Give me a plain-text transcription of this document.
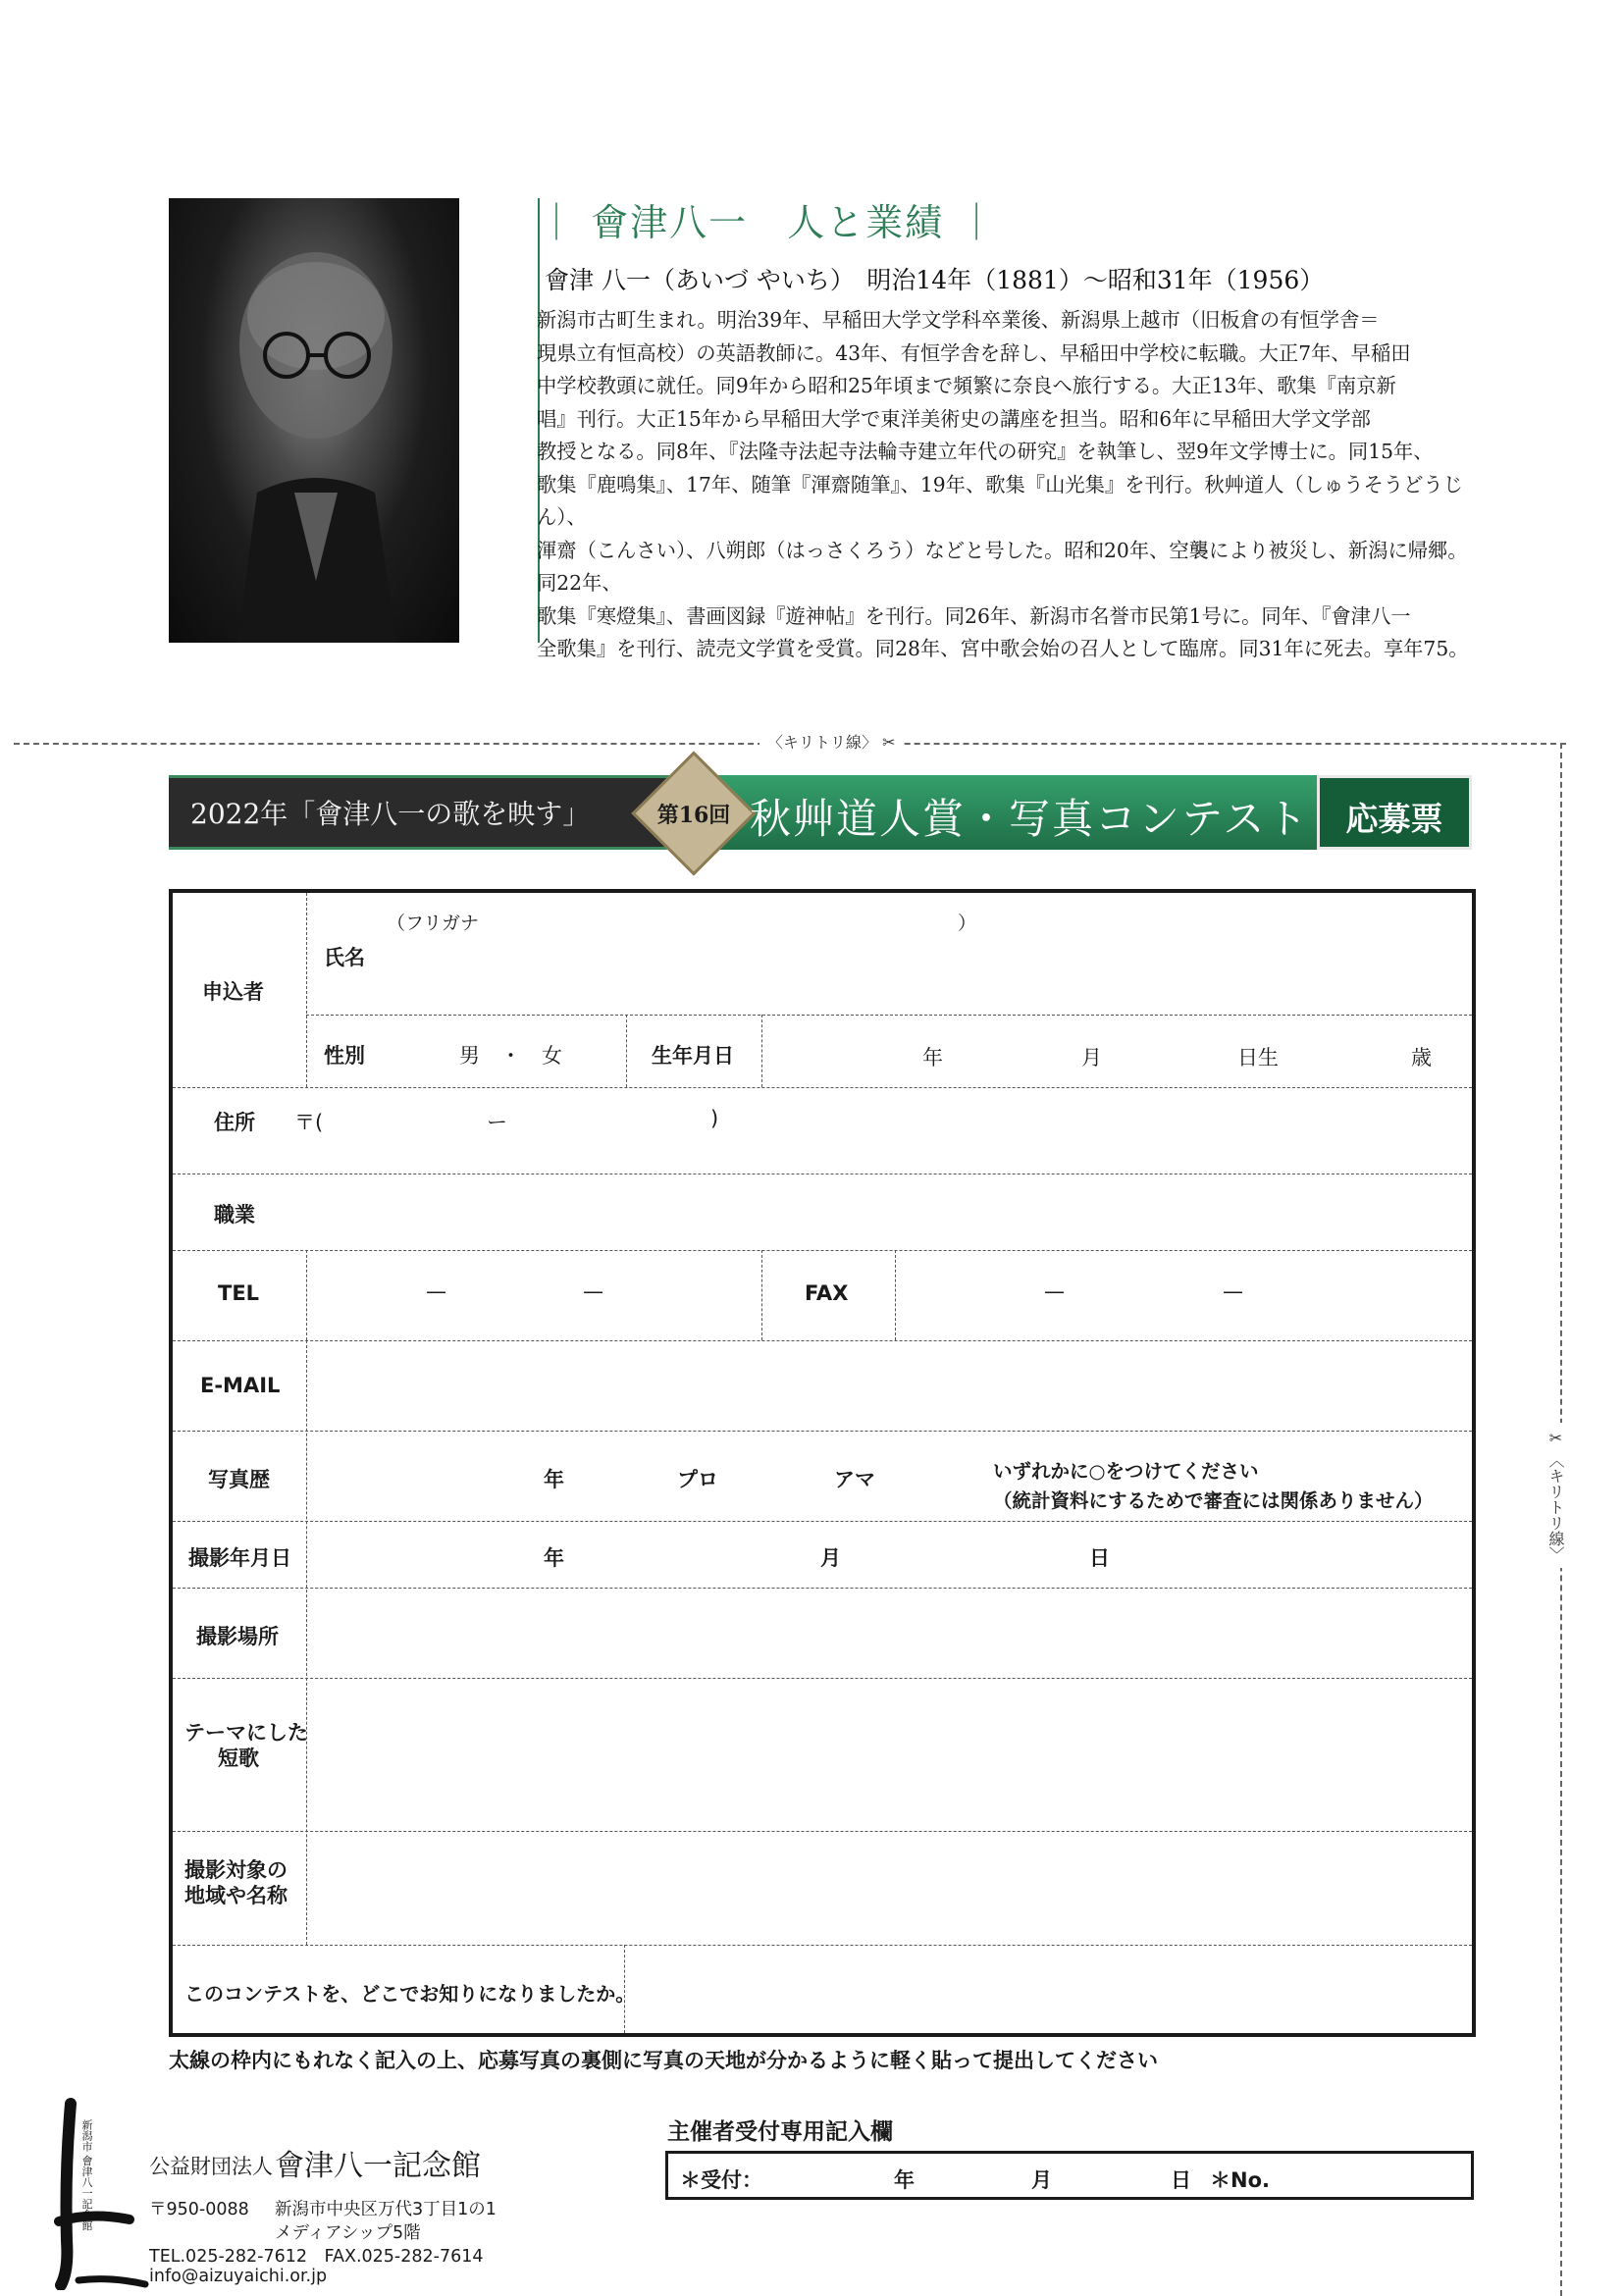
｜ 會津八一　人と業績 ｜
會津 八一（あいづ やいち）　明治14年（1881）～昭和31年（1956）
新潟市古町生まれ。明治39年、早稲田大学文学科卒業後、新潟県上越市（旧板倉の有恒学舎＝
現県立有恒高校）の英語教師に。43年、有恒学舎を辞し、早稲田中学校に転職。大正7年、早稲田
中学校教頭に就任。同9年から昭和25年頃まで頻繁に奈良へ旅行する。大正13年、歌集『南京新
唱』刊行。大正15年から早稲田大学で東洋美術史の講座を担当。昭和6年に早稲田大学文学部
教授となる。同8年、『法隆寺法起寺法輪寺建立年代の研究』を執筆し、翌9年文学博士に。同15年、
歌集『鹿鳴集』、17年、随筆『渾齋随筆』、19年、歌集『山光集』を刊行。秋艸道人（しゅうそうどうじん）、
渾齋（こんさい）、八朔郎（はっさくろう）などと号した。昭和20年、空襲により被災し、新潟に帰郷。同22年、
歌集『寒燈集』、書画図録『遊神帖』を刊行。同26年、新潟市名誉市民第1号に。同年、『會津八一
全歌集』を刊行、読売文学賞を受賞。同28年、宮中歌会始の召人として臨席。同31年に死去。享年75。
〈キリトリ線〉 ✂
✂ 〈キリトリ線〉
2022年「會津八一の歌を映す」	第16回 秋艸道人賞・写真コンテスト	応募票
申込者
氏名
（フリガナ	）
性別	男　・　女	生年月日	年	月	日生	歳
住所 〒(	ー	)
職業
TEL	—	—	FAX	—	—
E-MAIL
写真歴	年	プロ	アマ	いずれかに○をつけてください
（統計資料にするためで審査には関係ありません）
撮影年月日	年	月	日
撮影場所
テーマにした
短歌
撮影対象の
地域や名称
このコンテストを、どこでお知りになりましたか。
太線の枠内にもれなく記入の上、応募写真の裏側に写真の天地が分かるように軽く貼って提出してください
新潟市 會津八一記念館	公益財団法人 會津八一記念館
〒950-0088 新潟市中央区万代3丁目1の1
メディアシップ5階
TEL.025-282-7612　FAX.025-282-7614
info@aizuyaichi.or.jp
主催者受付専用記入欄
＊受付：	年	月	日 ＊No.
